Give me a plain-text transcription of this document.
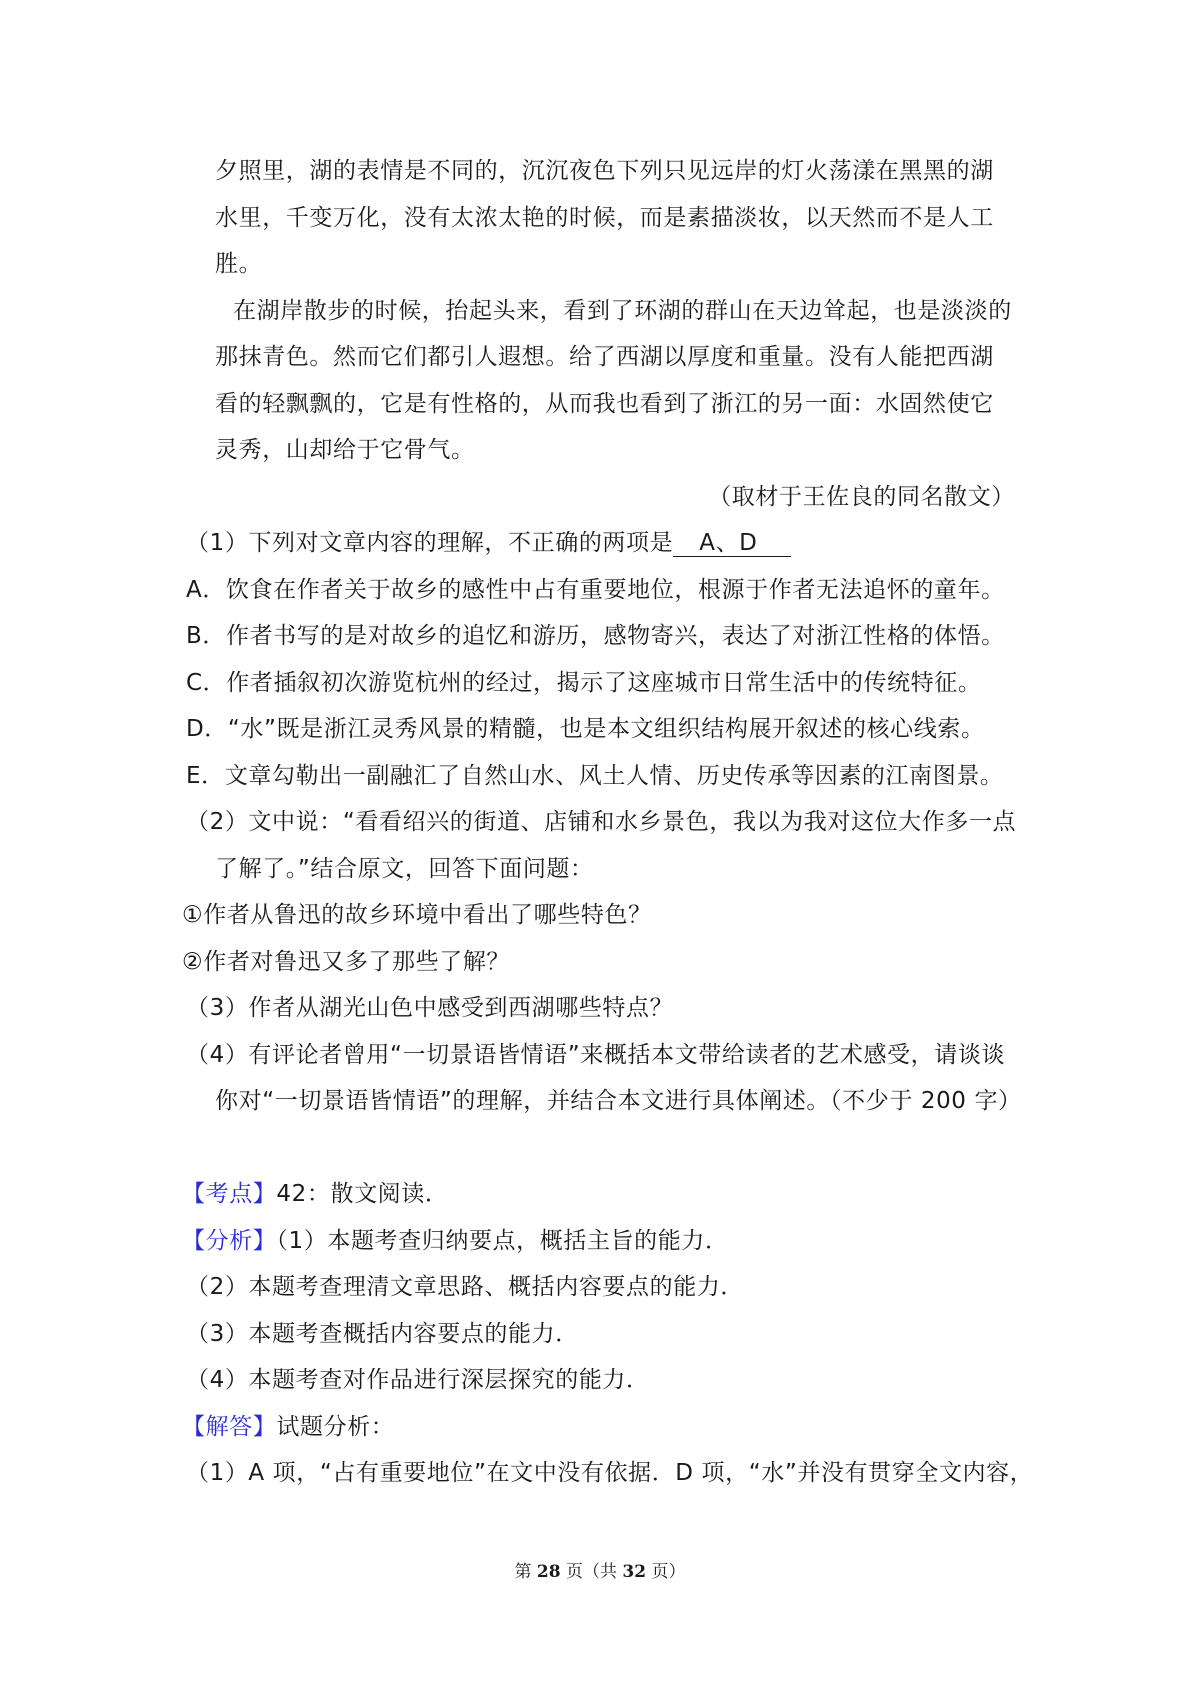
夕照里，湖的表情是不同的，沉沉夜色下列只见远岸的灯火荡漾在黑黑的湖
水里，千变万化，没有太浓太艳的时候，而是素描淡妆，以天然而不是人工
胜。
在湖岸散步的时候，抬起头来，看到了环湖的群山在天边耸起，也是淡淡的
那抹青色。然而它们都引人遐想。给了西湖以厚度和重量。没有人能把西湖
看的轻飘飘的，它是有性格的，从而我也看到了浙江的另一面：水固然使它
灵秀，山却给于它骨气。
（取材于王佐良的同名散文）
（1）下列对文章内容的理解，不正确的两项是 A、D
A．饮食在作者关于故乡的感性中占有重要地位，根源于作者无法追怀的童年。
B．作者书写的是对故乡的追忆和游历，感物寄兴，表达了对浙江性格的体悟。
C．作者插叙初次游览杭州的经过，揭示了这座城市日常生活中的传统特征。
D．“水”既是浙江灵秀风景的精髓，也是本文组织结构展开叙述的核心线索。
E．文章勾勒出一副融汇了自然山水、风土人情、历史传承等因素的江南图景。
（2）文中说：“看看绍兴的街道、店铺和水乡景色，我以为我对这位大作多一点
了解了。”结合原文，回答下面问题：
①作者从鲁迅的故乡环境中看出了哪些特色？
②作者对鲁迅又多了那些了解？
（3）作者从湖光山色中感受到西湖哪些特点？
（4）有评论者曾用“一切景语皆情语”来概括本文带给读者的艺术感受，请谈谈
你对“一切景语皆情语”的理解，并结合本文进行具体阐述。（不少于 200 字）
【考点】42：散文阅读．
【分析】（1）本题考查归纳要点，概括主旨的能力．
（2）本题考查理清文章思路、概括内容要点的能力．
（3）本题考查概括内容要点的能力．
（4）本题考查对作品进行深层探究的能力．
【解答】试题分析：
（1）A 项，“占有重要地位”在文中没有依据．D 项，“水”并没有贯穿全文内容，
第 28 页（共 32 页）
